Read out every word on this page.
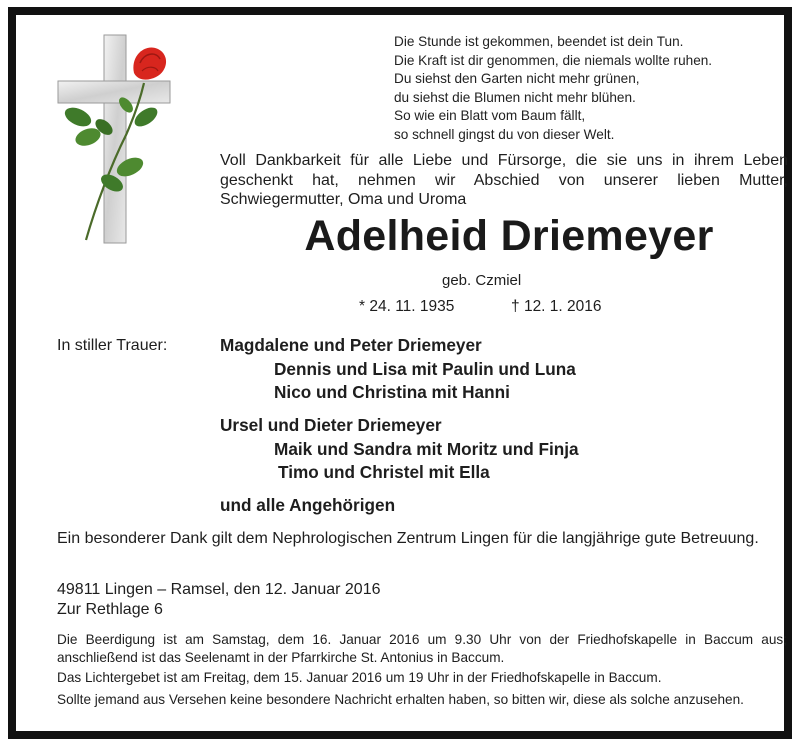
Die Stunde ist gekommen, beendet ist dein Tun.
Die Kraft ist dir genommen, die niemals wollte ruhen.
Du siehst den Garten nicht mehr grünen,
du siehst die Blumen nicht mehr blühen.
So wie ein Blatt vom Baum fällt,
so schnell gingst du von dieser Welt.
Voll Dankbarkeit für alle Liebe und Fürsorge, die sie uns in ihrem Leben geschenkt hat, nehmen wir Abschied von unserer lieben Mutter, Schwiegermutter, Oma und Uroma
Adelheid Driemeyer
geb. Czmiel
* 24. 11. 1935	† 12. 1. 2016
In stiller Trauer:	Magdalene und Peter Driemeyer
Dennis und Lisa mit Paulin und Luna
Nico und Christina mit Hanni
Ursel und Dieter Driemeyer
Maik und Sandra mit Moritz und Finja
Timo und Christel mit Ella
und alle Angehörigen
Ein besonderer Dank gilt dem Nephrologischen Zentrum Lingen für die langjährige gute Betreuung.
49811 Lingen – Ramsel, den 12. Januar 2016
Zur Rethlage 6
Die Beerdigung ist am Samstag, dem 16. Januar 2016 um 9.30 Uhr von der Friedhofskapelle in Baccum aus; anschließend ist das Seelenamt in der Pfarrkirche St. Antonius in Baccum.
Das Lichtergebet ist am Freitag, dem 15. Januar 2016 um 19 Uhr in der Friedhofskapelle in Baccum.
Sollte jemand aus Versehen keine besondere Nachricht erhalten haben, so bitten wir, diese als solche anzusehen.
